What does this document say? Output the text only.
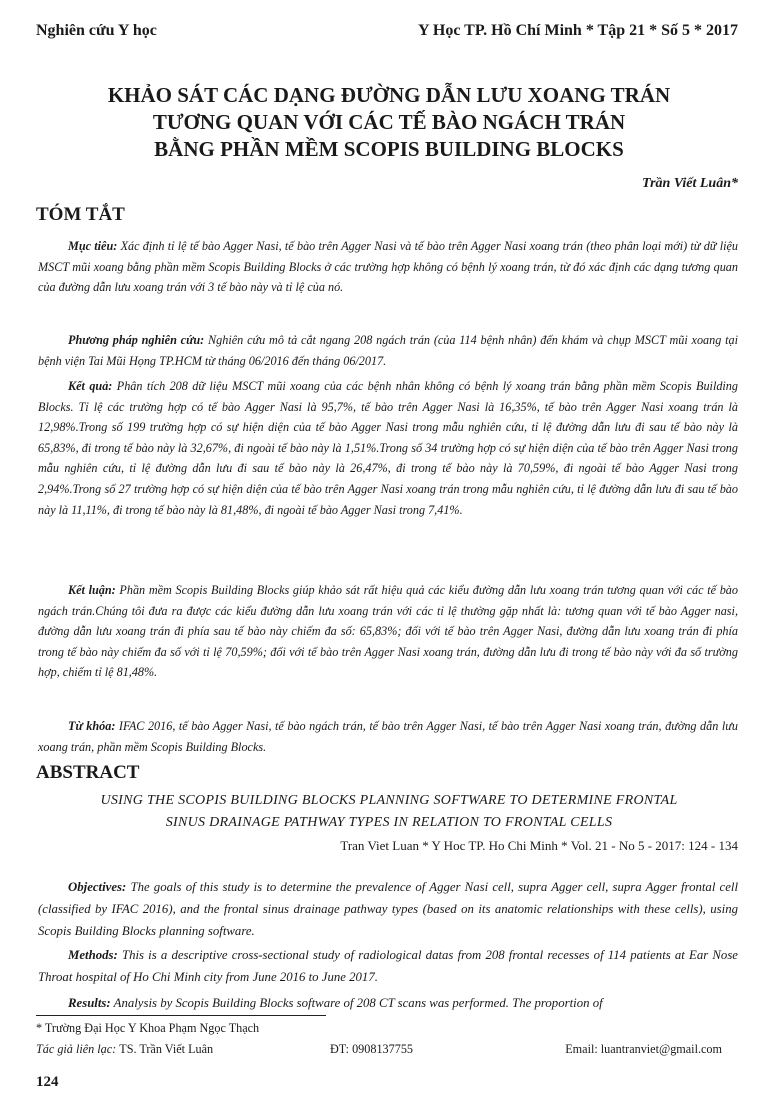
Nghiên cứu Y học	Y Học TP. Hồ Chí Minh * Tập 21 * Số 5 * 2017
KHẢO SÁT CÁC DẠNG ĐƯỜNG DẪN LƯU XOANG TRÁN
TƯƠNG QUAN VỚI CÁC TẾ BÀO NGÁCH TRÁN
BẰNG PHẦN MỀM SCOPIS BUILDING BLOCKS
Trần Viết Luân*
TÓM TẮT
Mục tiêu: Xác định tỉ lệ tế bào Agger Nasi, tế bào trên Agger Nasi và tế bào trên Agger Nasi xoang trán (theo phân loại mới) từ dữ liệu MSCT mũi xoang bằng phần mềm Scopis Building Blocks ở các trường hợp không có bệnh lý xoang trán, từ đó xác định các dạng tương quan của đường dẫn lưu xoang trán với 3 tế bào này và tỉ lệ của nó.
Phương pháp nghiên cứu: Nghiên cứu mô tả cắt ngang 208 ngách trán (của 114 bệnh nhân) đến khám và chụp MSCT mũi xoang tại bệnh viện Tai Mũi Họng TP.HCM từ tháng 06/2016 đến tháng 06/2017.
Kết quả: Phân tích 208 dữ liệu MSCT mũi xoang của các bệnh nhân không có bệnh lý xoang trán bằng phần mềm Scopis Building Blocks. Tỉ lệ các trường hợp có tế bào Agger Nasi là 95,7%, tế bào trên Agger Nasi là 16,35%, tế bào trên Agger Nasi xoang trán là 12,98%.Trong số 199 trường hợp có sự hiện diện của tế bào Agger Nasi trong mẫu nghiên cứu, tỉ lệ đường dẫn lưu đi sau tế bào này là 65,83%, đi trong tế bào này là 32,67%, đi ngoài tế bào này là 1,51%.Trong số 34 trường hợp có sự hiện diện của tế bào trên Agger Nasi trong mẫu nghiên cứu, tỉ lệ đường dẫn lưu đi sau tế bào này là 26,47%, đi trong tế bào này là 70,59%, đi ngoài tế bào Agger Nasi trong 2,94%.Trong số 27 trường hợp có sự hiện diện của tế bào trên Agger Nasi xoang trán trong mẫu nghiên cứu, tỉ lệ đường dẫn lưu đi sau tế bào này là 11,11%, đi trong tế bào này là 81,48%, đi ngoài tế bào Agger Nasi trong 7,41%.
Kết luận: Phần mềm Scopis Building Blocks giúp khảo sát rất hiệu quả các kiểu đường dẫn lưu xoang trán tương quan với các tế bào ngách trán.Chúng tôi đưa ra được các kiểu đường dẫn lưu xoang trán với các tỉ lệ thường gặp nhất là: tương quan với tế bào Agger nasi, đường dẫn lưu xoang trán đi phía sau tế bào này chiếm đa số: 65,83%; đối với tế bào trên Agger Nasi, đường dẫn lưu xoang trán đi phía trong tế bào này chiếm đa số với tỉ lệ 70,59%; đối với tế bào trên Agger Nasi xoang trán, đường dẫn lưu đi trong tế bào này với đa số trường hợp, chiếm tỉ lệ 81,48%.
Từ khóa: IFAC 2016, tế bào Agger Nasi, tế bào ngách trán, tế bào trên Agger Nasi, tế bào trên Agger Nasi xoang trán, đường dẫn lưu xoang trán, phần mềm Scopis Building Blocks.
ABSTRACT
USING THE SCOPIS BUILDING BLOCKS PLANNING SOFTWARE TO DETERMINE FRONTAL
SINUS DRAINAGE PATHWAY TYPES IN RELATION TO FRONTAL CELLS
Tran Viet Luan * Y Hoc TP. Ho Chi Minh * Vol. 21 - No 5 - 2017: 124 - 134
Objectives: The goals of this study is to determine the prevalence of Agger Nasi cell, supra Agger cell, supra Agger frontal cell (classified by IFAC 2016), and the frontal sinus drainage pathway types (based on its anatomic relationships with these cells), using Scopis Building Blocks planning software.
Methods: This is a descriptive cross-sectional study of radiological datas from 208 frontal recesses of 114 patients at Ear Nose Throat hospital of Ho Chi Minh city from June 2016 to June 2017.
Results: Analysis by Scopis Building Blocks software of 208 CT scans was performed. The proportion of
* Trường Đại Học Y Khoa Phạm Ngọc Thạch
Tác giả liên lạc: TS. Trần Viết Luân	ĐT: 0908137755	Email: luantranviet@gmail.com
124
